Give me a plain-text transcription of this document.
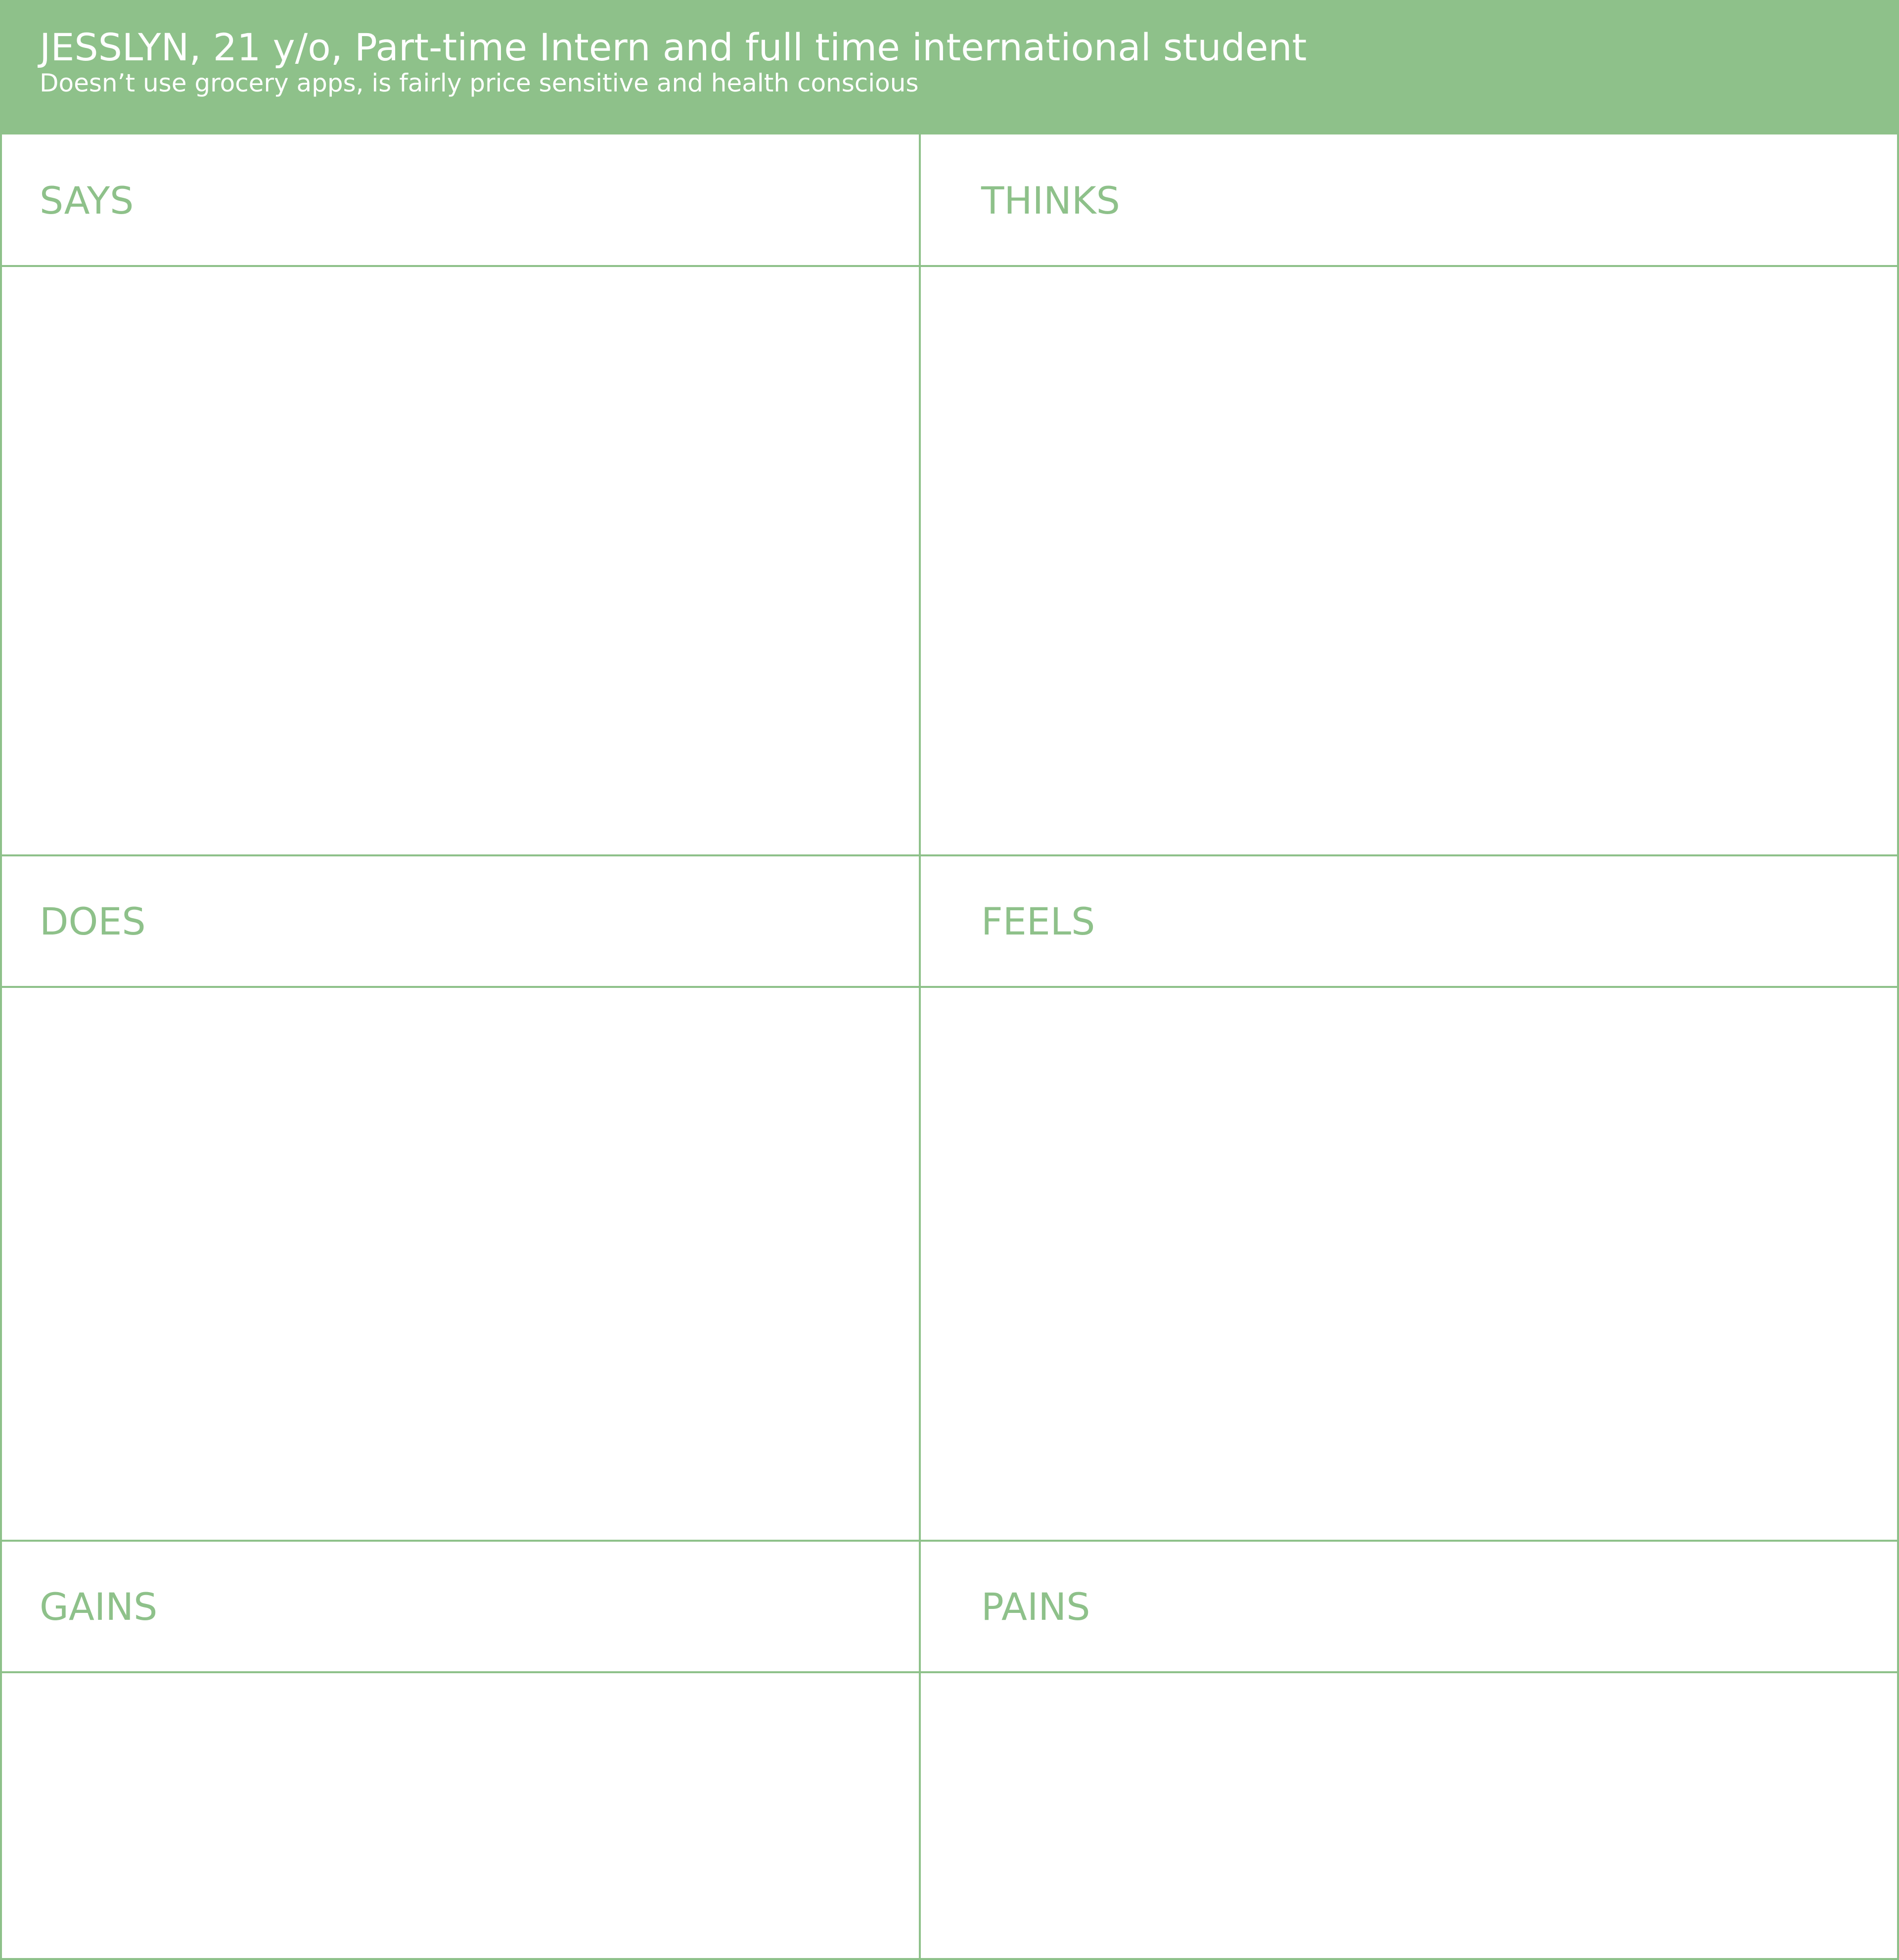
JESSLYN, 21 y/o, Part-time Intern and full time international student
Doesn’t use grocery apps, is fairly price sensitive and health conscious
SAYS	THINKS
DOES	FEELS
GAINS	PAINS
